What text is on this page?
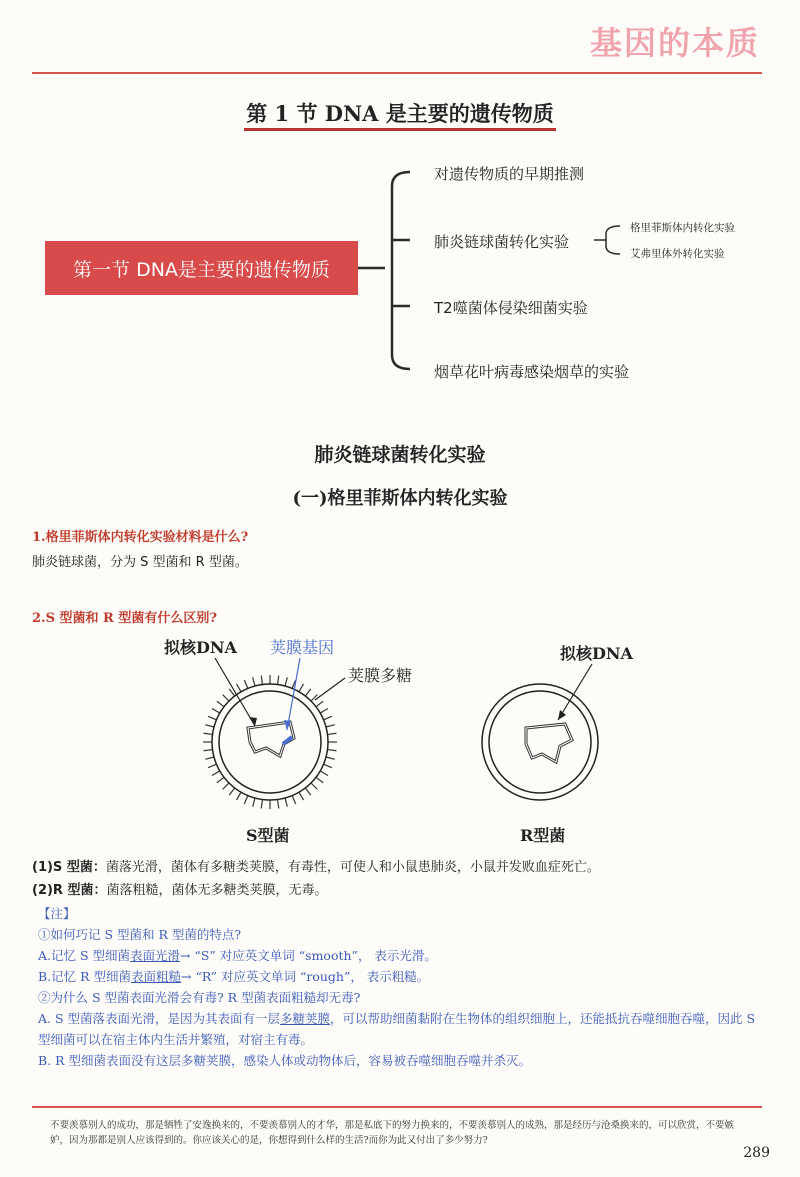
基因的本质
第 1 节 DNA 是主要的遗传物质
第一节 DNA是主要的遗传物质
对遗传物质的早期推测
肺炎链球菌转化实验
格里菲斯体内转化实验
艾弗里体外转化实验
T2噬菌体侵染细菌实验
烟草花叶病毒感染烟草的实验
肺炎链球菌转化实验
(一)格里菲斯体内转化实验
1.格里菲斯体内转化实验材料是什么?
肺炎链球菌，分为 S 型菌和 R 型菌。
2.S 型菌和 R 型菌有什么区别?
拟核DNA 荚膜基因
荚膜多糖
拟核DNA
S型菌	R型菌
(1)S 型菌：菌落光滑，菌体有多糖类荚膜，有毒性，可使人和小鼠患肺炎，小鼠并发败血症死亡。
(2)R 型菌：菌落粗糙，菌体无多糖类荚膜，无毒。
【注】
①如何巧记 S 型菌和 R 型菌的特点?
A.记忆 S 型细菌表面光滑→ “S” 对应英文单词 “smooth”， 表示光滑。
B.记忆 R 型细菌表面粗糙→ “R” 对应英文单词 “rough”， 表示粗糙。
②为什么 S 型菌表面光滑会有毒? R 型菌表面粗糙却无毒?
A. S 型菌落表面光滑，是因为其表面有一层多糖荚膜，可以帮助细菌黏附在生物体的组织细胞上，还能抵抗吞噬细胞吞噬，因此 S 型细菌可以在宿主体内生活并繁殖，对宿主有毒。
B. R 型细菌表面没有这层多糖荚膜，感染人体或动物体后，容易被吞噬细胞吞噬并杀灭。
不要羡慕别人的成功，那是牺牲了安逸换来的，不要羡慕别人的才华，那是私底下的努力换来的，不要羡慕别人的成熟，那是经历与沧桑换来的，可以欣赏，不要嫉妒，因为那都是别人应该得到的。你应该关心的是，你想得到什么样的生活?而你为此又付出了多少努力?
289
